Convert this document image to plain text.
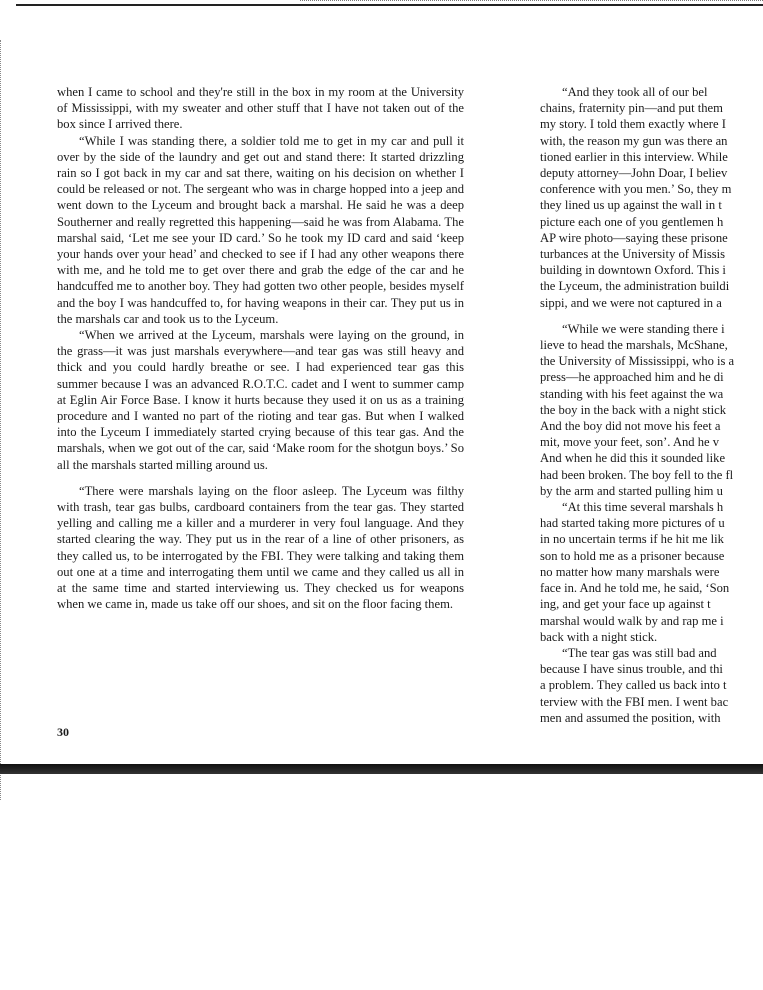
when I came to school and they're still in the box in my room at the University of Mississippi, with my sweater and other stuff that I have not taken out of the box since I arrived there.

“While I was standing there, a soldier told me to get in my car and pull it over by the side of the laundry and get out and stand there: It started drizzling rain so I got back in my car and sat there, waiting on his decision on whether I could be released or not. The sergeant who was in charge hopped into a jeep and went down to the Lyceum and brought back a marshal. He said he was a deep Southerner and really regretted this happening—said he was from Alabama. The marshal said, ‘Let me see your ID card.’ So he took my ID card and said ‘keep your hands over your head’ and checked to see if I had any other weapons there with me, and he told me to get over there and grab the edge of the car and he handcuffed me to another boy. They had gotten two other people, besides myself and the boy I was handcuffed to, for having weapons in their car. They put us in the marshals car and took us to the Lyceum.

“When we arrived at the Lyceum, marshals were laying on the ground, in the grass—it was just marshals everywhere—and tear gas was still heavy and thick and you could hardly breathe or see. I had experienced tear gas this summer because I was an advanced R.O.T.C. cadet and I went to summer camp at Eglin Air Force Base. I know it hurts because they used it on us as a training procedure and I wanted no part of the rioting and tear gas. But when I walked into the Lyceum I immediately started crying because of this tear gas. And the marshals, when we got out of the car, said ‘Make room for the shotgun boys.’ So all the marshals started milling around us.

“There were marshals laying on the floor asleep. The Lyceum was filthy with trash, tear gas bulbs, cardboard containers from the tear gas. They started yelling and calling me a killer and a murderer in very foul language. And they started clearing the way. They put us in the rear of a line of other prisoners, as they called us, to be interrogated by the FBI. They were talking and taking them out one at a time and interrogating them until we came and they called us all in at the same time and started interviewing us. They checked us for weapons when we came in, made us take off our shoes, and sit on the floor facing them.

“And they took all of our bel

chains, fraternity pin—and put them

my story. I told them exactly where I

with, the reason my gun was there an

tioned earlier in this interview. While

deputy attorney—John Doar, I believ

conference with you men.’ So, they m

they lined us up against the wall in t

picture each one of you gentlemen h

AP wire photo—saying these prisone

turbances at the University of Missis

building in downtown Oxford. This i

the Lyceum, the administration buildi

sippi, and we were not captured in a

“While we were standing there i

lieve to head the marshals, McShane,

the University of Mississippi, who is a

press—he approached him and he di

standing with his feet against the wa

the boy in the back with a night stick

And the boy did not move his feet a

mit, move your feet, son’. And he v

And when he did this it sounded like

had been broken. The boy fell to the fl

by the arm and started pulling him u

“At this time several marshals h

had started taking more pictures of u

in no uncertain terms if he hit me lik

son to hold me as a prisoner because

no matter how many marshals were

face in. And he told me, he said, ‘Son

ing, and get your face up against t

marshal would walk by and rap me i

back with a night stick.

“The tear gas was still bad and

because I have sinus trouble, and thi

a problem. They called us back into t

terview with the FBI men. I went bac

men and assumed the position, with

30
